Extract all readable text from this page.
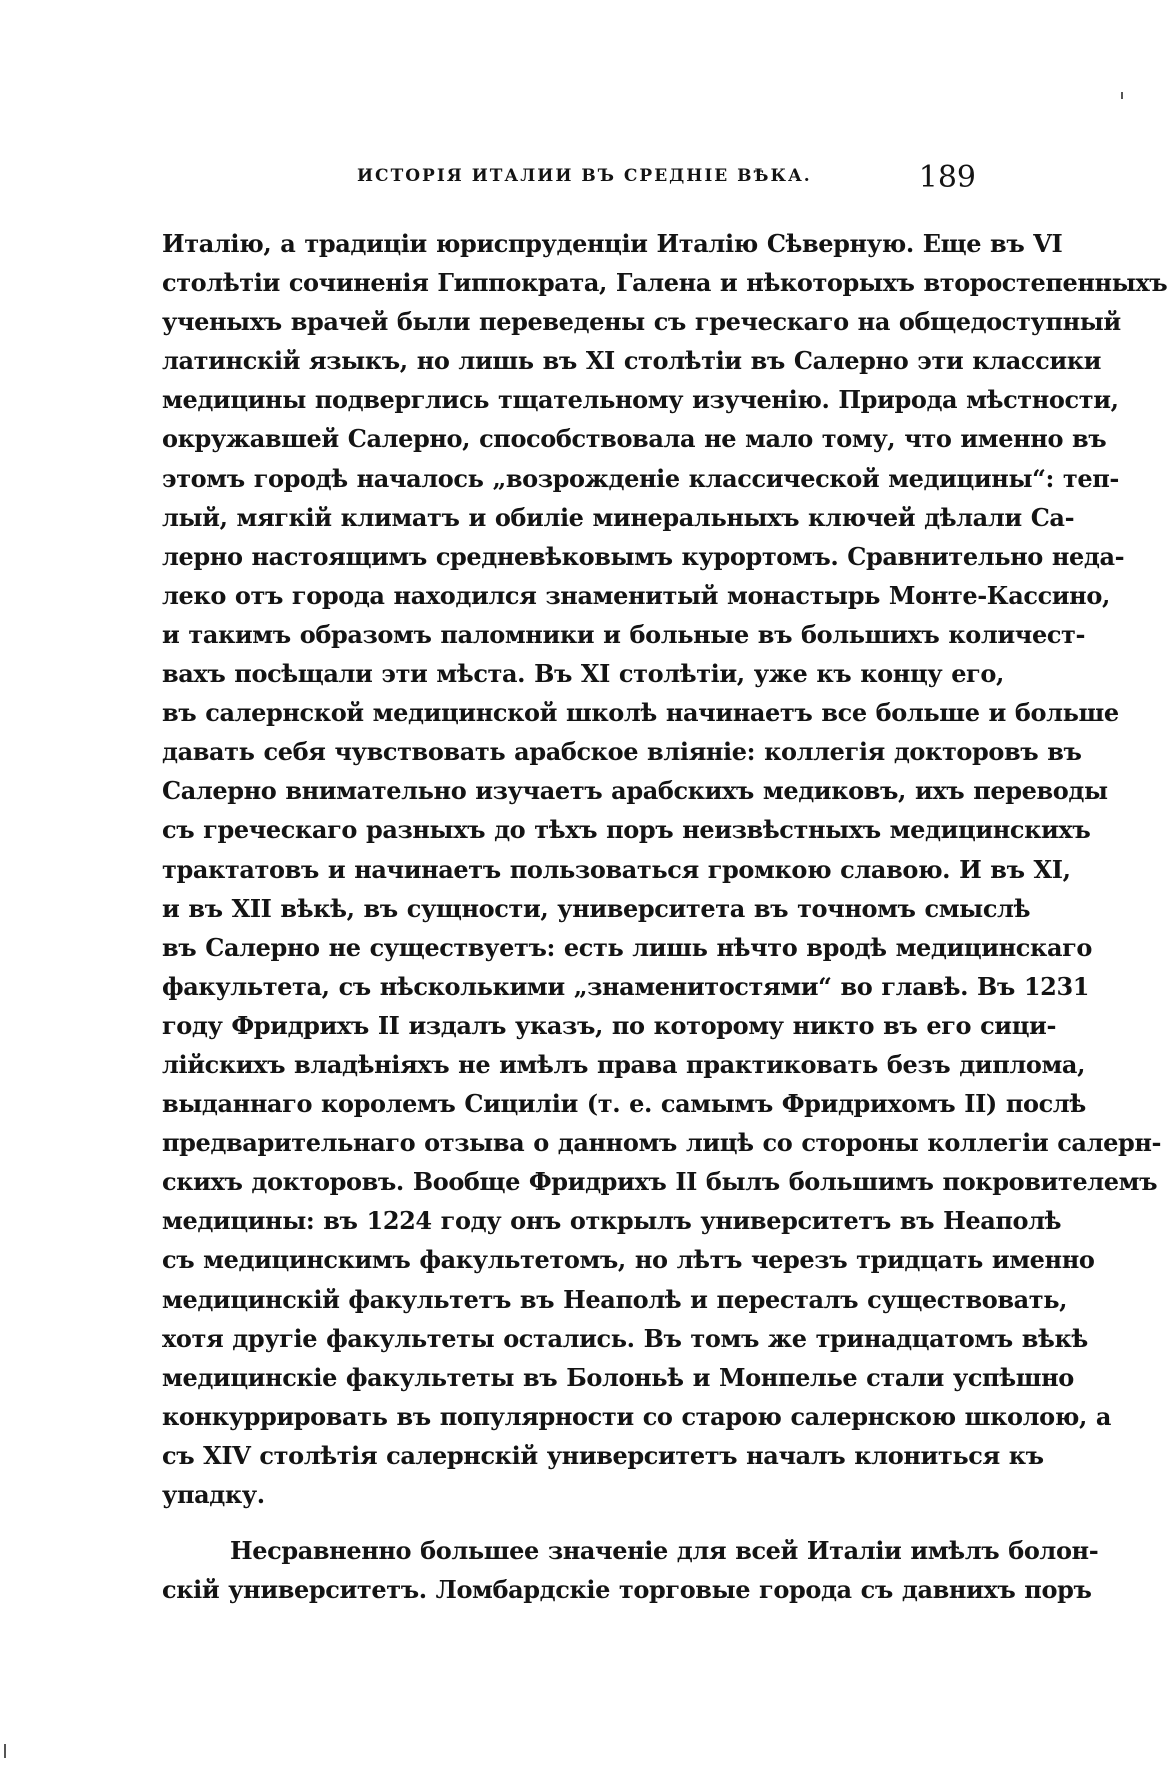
ИСТОРІЯ ИТАЛИИ ВЪ СРЕДНІЕ ВѢКА.	189
Италію, а традиціи юриспруденціи Италію Сѣверную. Еще въ VI
столѣтіи сочиненія Гиппократа, Галена и нѣкоторыхъ второстепенныхъ
ученыхъ врачей были переведены съ греческаго на общедоступный
латинскій языкъ, но лишь въ XI столѣтіи въ Салерно эти классики
медицины подверглись тщательному изученію. Природа мѣстности,
окружавшей Салерно, способствовала не мало тому, что именно въ
этомъ городѣ началось „возрожденіе классической медицины“: теп-
лый, мягкій климатъ и обиліе минеральныхъ ключей дѣлали Са-
лерно настоящимъ средневѣковымъ курортомъ. Сравнительно неда-
леко отъ города находился знаменитый монастырь Монте-Кассино,
и такимъ образомъ паломники и больные въ большихъ количест-
вахъ посѣщали эти мѣста. Въ XI столѣтіи, уже къ концу его,
въ салернской медицинской школѣ начинаетъ все больше и больше
давать себя чувствовать арабское вліяніе: коллегія докторовъ въ
Салерно внимательно изучаетъ арабскихъ медиковъ, ихъ переводы
съ греческаго разныхъ до тѣхъ поръ неизвѣстныхъ медицинскихъ
трактатовъ и начинаетъ пользоваться громкою славою. И въ XI,
и въ XII вѣкѣ, въ сущности, университета въ точномъ смыслѣ
въ Салерно не существуетъ: есть лишь нѣчто вродѣ медицинскаго
факультета, съ нѣсколькими „знаменитостями“ во главѣ. Въ 1231
году Фридрихъ II издалъ указъ, по которому никто въ его сици-
лійскихъ владѣніяхъ не имѣлъ права практиковать безъ диплома,
выданнаго королемъ Сициліи (т. е. самымъ Фридрихомъ II) послѣ
предварительнаго отзыва о данномъ лицѣ со стороны коллегіи салерн-
скихъ докторовъ. Вообще Фридрихъ II былъ большимъ покровителемъ
медицины: въ 1224 году онъ открылъ университетъ въ Неаполѣ
съ медицинскимъ факультетомъ, но лѣтъ черезъ тридцать именно
медицинскій факультетъ въ Неаполѣ и пересталъ существовать,
хотя другіе факультеты остались. Въ томъ же тринадцатомъ вѣкѣ
медицинскіе факультеты въ Болоньѣ и Монпелье стали успѣшно
конкуррировать въ популярности со старою салернскою школою, а
съ XIV столѣтія салернскій университетъ началъ клониться къ
упадку.
Несравненно большее значеніе для всей Италіи имѣлъ болон-
скій университетъ. Ломбардскіе торговые города съ давнихъ поръ
